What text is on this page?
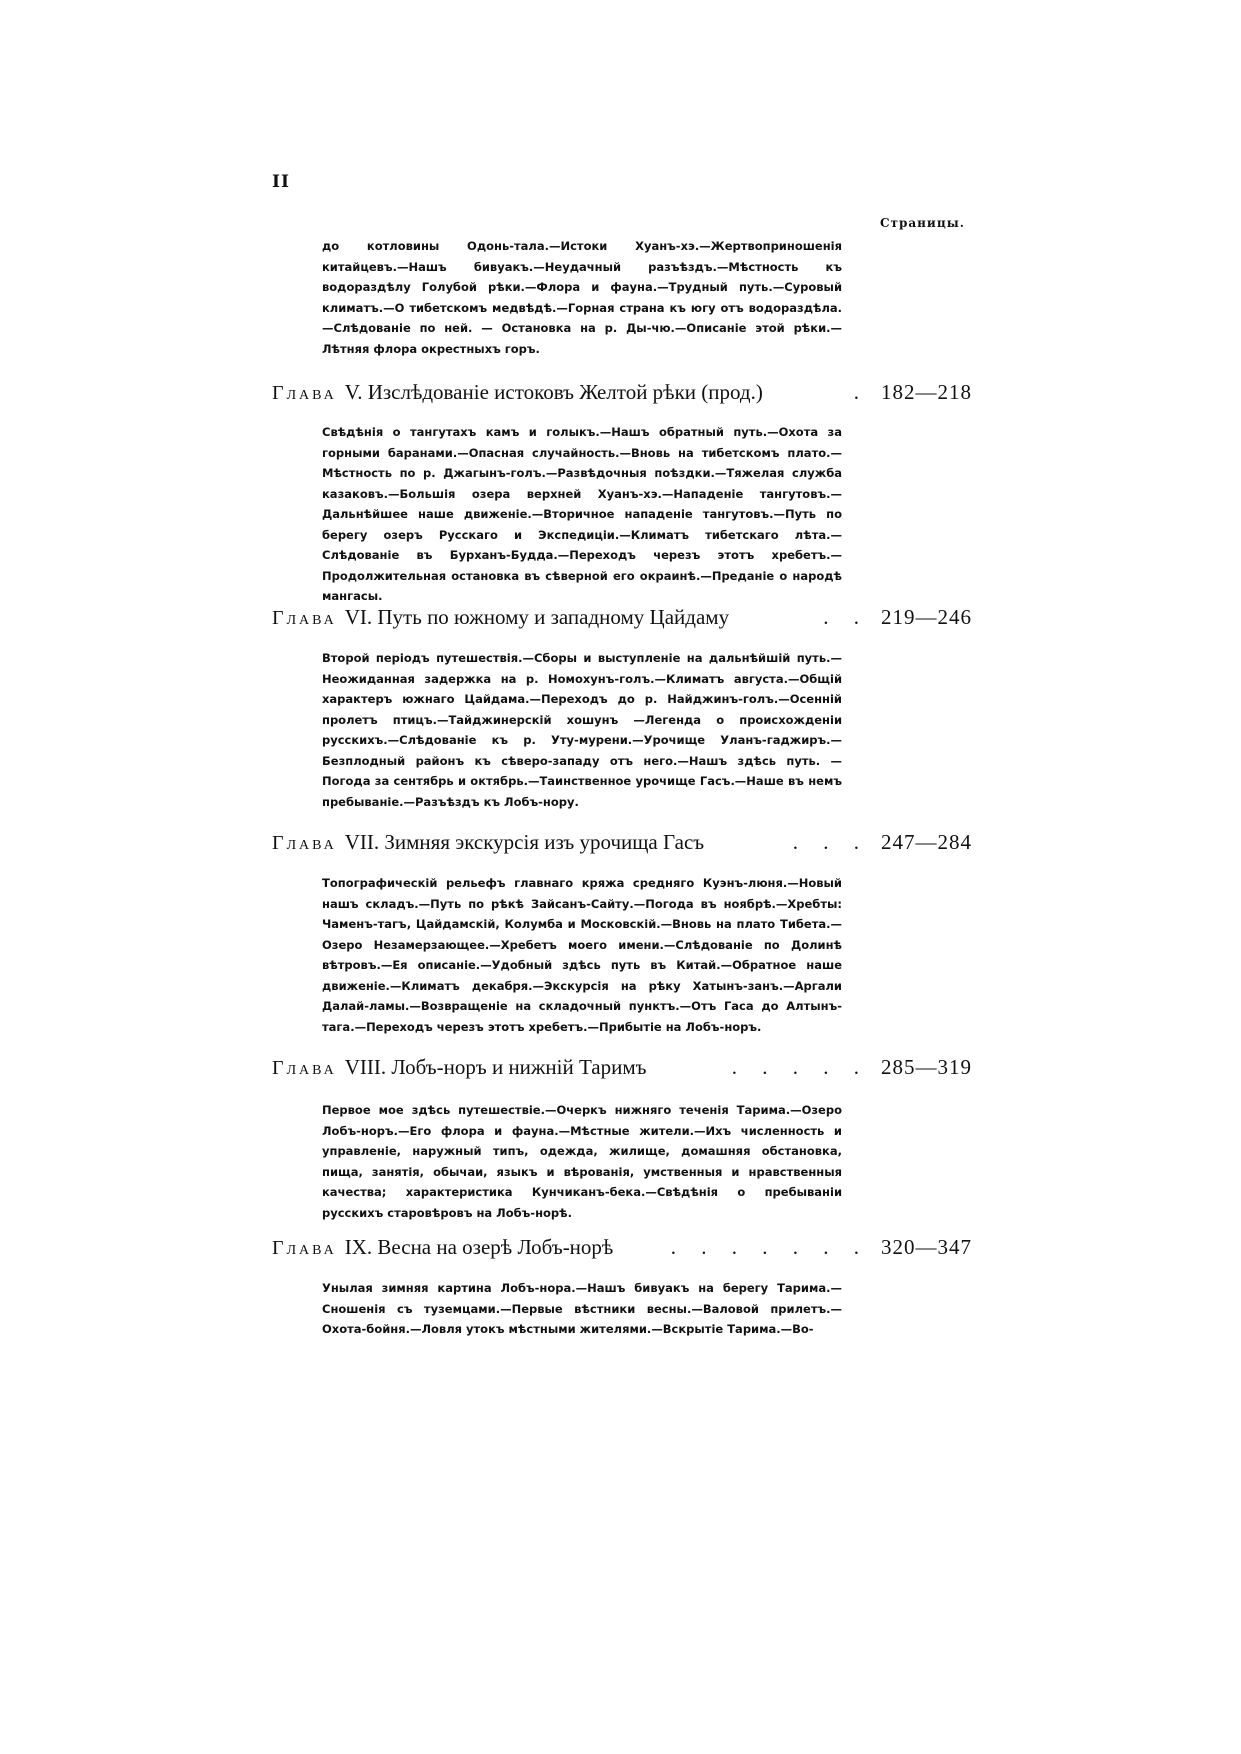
II
Страницы.

до котловины Одонь-тала.—Истоки Хуанъ-хэ.—Жертвоприношенія китайцевъ.—Нашъ бивуакъ.—Неудачный разъѣздъ.—Мѣстность къ водораздѣлу Голубой рѣки.—Флора и фауна.—Трудный путь.—Суровый климатъ.—О тибетскомъ медвѣдѣ.—Горная страна къ югу отъ водораздѣла.—Слѣдованіе по ней. — Остановка на р. Ды-чю.—Описаніе этой рѣки.—Лѣтняя флора окрестныхъ горъ.

Глава V. Изслѣдованіе истоковъ Желтой рѣки (прод.)	. 182—218

Свѣдѣнія о тангутахъ камъ и голыкъ.—Нашъ обратный путь.—Охота за горными баранами.—Опасная случайность.—Вновь на тибетскомъ плато.—Мѣстность по р. Джагынъ-голъ.—Развѣдочныя поѣздки.—Тяжелая служба казаковъ.—Большія озера верхней Хуанъ-хэ.—Нападеніе тангутовъ.—Дальнѣйшее наше движеніе.—Вторичное нападеніе тангутовъ.—Путь по берегу озеръ Русскаго и Экспедиціи.—Климатъ тибетскаго лѣта.—Слѣдованіе въ Бурханъ-Будда.—Переходъ черезъ этотъ хребетъ.—Продолжительная остановка въ сѣверной его окраинѣ.—Преданіе о народѣ мангасы.

Глава VI. Путь по южному и западному Цайдаму	. . 219—246

Второй періодъ путешествія.—Сборы и выступленіе на дальнѣйшій путь.—Неожиданная задержка на р. Номохунъ-голъ.—Климатъ августа.—Общій характеръ южнаго Цайдама.—Переходъ до р. Найджинъ-голъ.—Осенній пролетъ птицъ.—Тайджинерскій хошунъ —Легенда о происхожденіи русскихъ.—Слѣдованіе къ р. Уту-мурени.—Урочище Уланъ-гаджиръ.—Безплодный районъ къ сѣверо-западу отъ него.—Нашъ здѣсь путь. — Погода за сентябрь и октябрь.—Таинственное урочище Гасъ.—Наше въ немъ пребываніе.—Разъѣздъ къ Лобъ-нору.

Глава VII. Зимняя экскурсія изъ урочища Гасъ	. . . 247—284

Топографическій рельефъ главнаго кряжа средняго Куэнъ-люня.—Новый нашъ складъ.—Путь по рѣкѣ Зайсанъ-Сайту.—Погода въ ноябрѣ.—Хребты: Чаменъ-тагъ, Цайдамскій, Колумба и Московскій.—Вновь на плато Тибета.—Озеро Незамерзающее.—Хребетъ моего имени.—Слѣдованіе по Долинѣ вѣтровъ.—Ея описаніе.—Удобный здѣсь путь въ Китай.—Обратное наше движеніе.—Климатъ декабря.—Экскурсія на рѣку Хатынъ-занъ.—Аргали Далай-ламы.—Возвращеніе на складочный пунктъ.—Отъ Гаса до Алтынъ-тага.—Переходъ черезъ этотъ хребетъ.—Прибытіе на Лобъ-норъ.

Глава VIII. Лобъ-норъ и нижній Таримъ	. . . . . 285—319

Первое мое здѣсь путешествіе.—Очеркъ нижняго теченія Тарима.—Озеро Лобъ-норъ.—Его флора и фауна.—Мѣстные жители.—Ихъ численность и управленіе, наружный типъ, одежда, жилище, домашняя обстановка, пища, занятія, обычаи, языкъ и вѣрованія, умственныя и нравственныя качества; характеристика Кунчиканъ-бека.—Свѣдѣнія о пребываніи русскихъ старовѣровъ на Лобъ-норѣ.

Глава IX. Весна на озерѣ Лобъ-норѣ	. . . . . . . 320—347

Унылая зимняя картина Лобъ-нора.—Нашъ бивуакъ на берегу Тарима.—Сношенія съ туземцами.—Первые вѣстники весны.—Валовой прилетъ.—Охота-бойня.—Ловля утокъ мѣстными жителями.—Вскрытіе Тарима.—Во-
